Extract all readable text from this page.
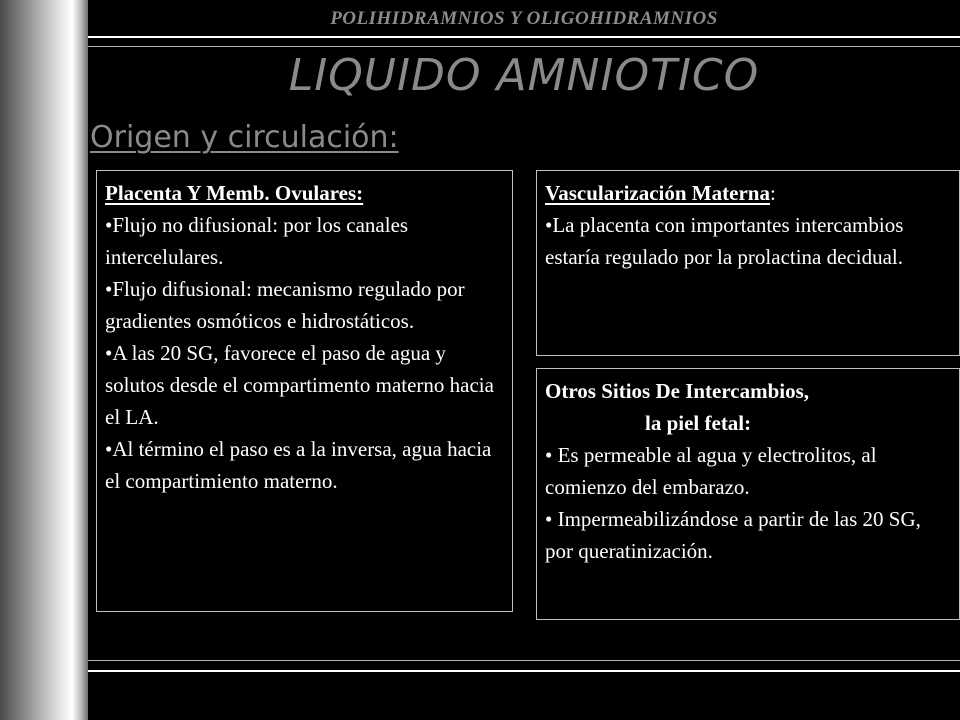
POLIHIDRAMNIOS Y OLIGOHIDRAMNIOS
LIQUIDO AMNIOTICO
Origen y circulación:
Placenta Y Memb. Ovulares:
•Flujo no difusional: por los canales intercelulares.
•Flujo difusional: mecanismo regulado por gradientes osmóticos e hidrostáticos.
•A las 20 SG, favorece el paso de agua y solutos desde el compartimento materno hacia el LA.
•Al término el paso es a la inversa, agua hacia el compartimiento materno.
Vascularización Materna:
•La placenta con importantes intercambios estaría regulado por la prolactina decidual.
Otros Sitios De Intercambios,
la piel fetal:
• Es permeable al agua y electrolitos, al comienzo del embarazo.
• Impermeabilizándose a partir de las 20 SG, por queratinización.
